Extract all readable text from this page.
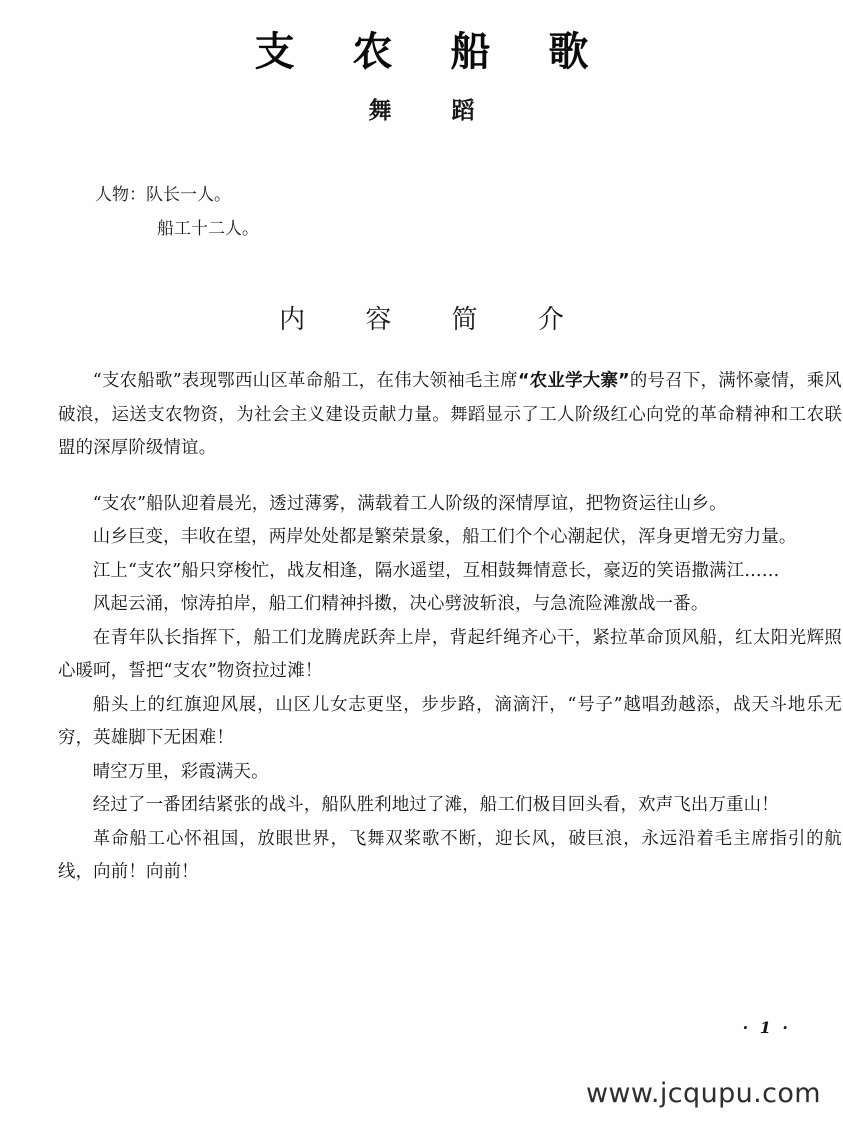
支 农 船 歌
舞 蹈
人物：队长一人。
船工十二人。
内 容 简 介

“支农船歌”表现鄂西山区革命船工，在伟大领袖毛主席“农业学大寨”的号召下，满怀豪情，乘风破浪，运送支农物资，为社会主义建设贡献力量。舞蹈显示了工人阶级红心向党的革命精神和工农联盟的深厚阶级情谊。

“支农”船队迎着晨光，透过薄雾，满载着工人阶级的深情厚谊，把物资运往山乡。

山乡巨变，丰收在望，两岸处处都是繁荣景象，船工们个个心潮起伏，浑身更增无穷力量。

江上“支农”船只穿梭忙，战友相逢，隔水遥望，互相鼓舞情意长，豪迈的笑语撒满江……

风起云涌，惊涛拍岸，船工们精神抖擞，决心劈波斩浪，与急流险滩激战一番。

在青年队长指挥下，船工们龙腾虎跃奔上岸，背起纤绳齐心干，紧拉革命顶风船，红太阳光辉照心暖呵，誓把“支农”物资拉过滩！

船头上的红旗迎风展，山区儿女志更坚，步步路，滴滴汗，“号子”越唱劲越添，战天斗地乐无穷，英雄脚下无困难！

晴空万里，彩霞满天。

经过了一番团结紧张的战斗，船队胜利地过了滩，船工们极目回头看，欢声飞出万重山！

革命船工心怀祖国，放眼世界，飞舞双桨歌不断，迎长风，破巨浪，永远沿着毛主席指引的航线，向前！向前！

· 1 ·
www.jcqupu.com
